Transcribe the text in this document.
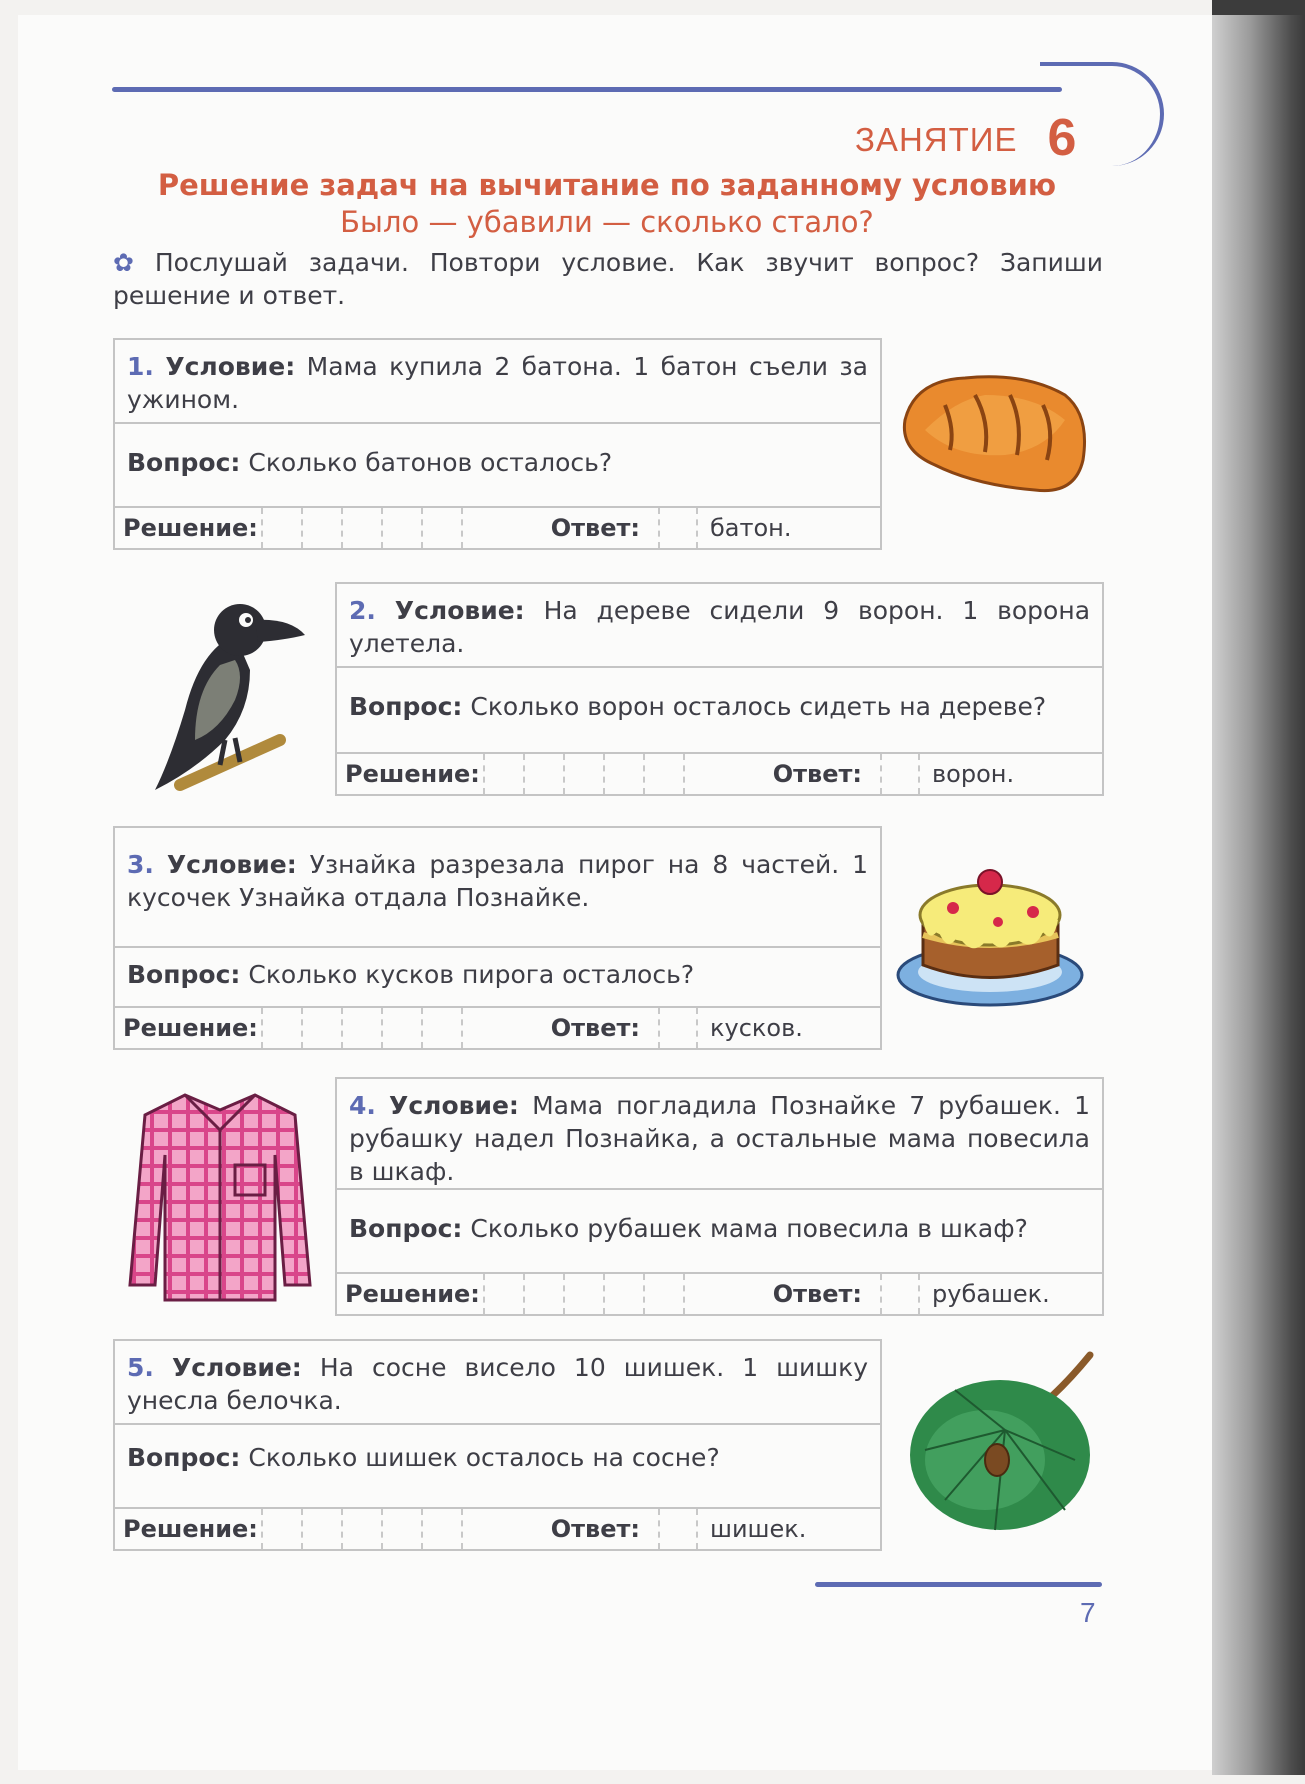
ЗАНЯТИЕ 6
Решение задач на вычитание по заданному условию
Было — убавили — сколько стало?
✿ Послушай задачи. Повтори условие. Как звучит вопрос? Запиши решение и ответ.
1. Условие: Мама купила 2 батона. 1 батон съели за ужином.
Вопрос: Сколько батонов осталось?
Решение:	Ответ:	батон.
2. Условие: На дереве сидели 9 ворон. 1 ворона улетела.
Вопрос: Сколько ворон осталось сидеть на дереве?
Решение:	Ответ:	ворон.
3. Условие: Узнайка разрезала пирог на 8 частей. 1 кусочек Узнайка отдала Познайке.
Вопрос: Сколько кусков пирога осталось?
Решение:	Ответ:	кусков.
4. Условие: Мама погладила Познайке 7 рубашек. 1 рубашку надел Познайка, а остальные мама повесила в шкаф.
Вопрос: Сколько рубашек мама повесила в шкаф?
Решение:	Ответ:	рубашек.
5. Условие: На сосне висело 10 шишек. 1 шишку унесла белочка.
Вопрос: Сколько шишек осталось на сосне?
Решение:	Ответ:	шишек.
7
